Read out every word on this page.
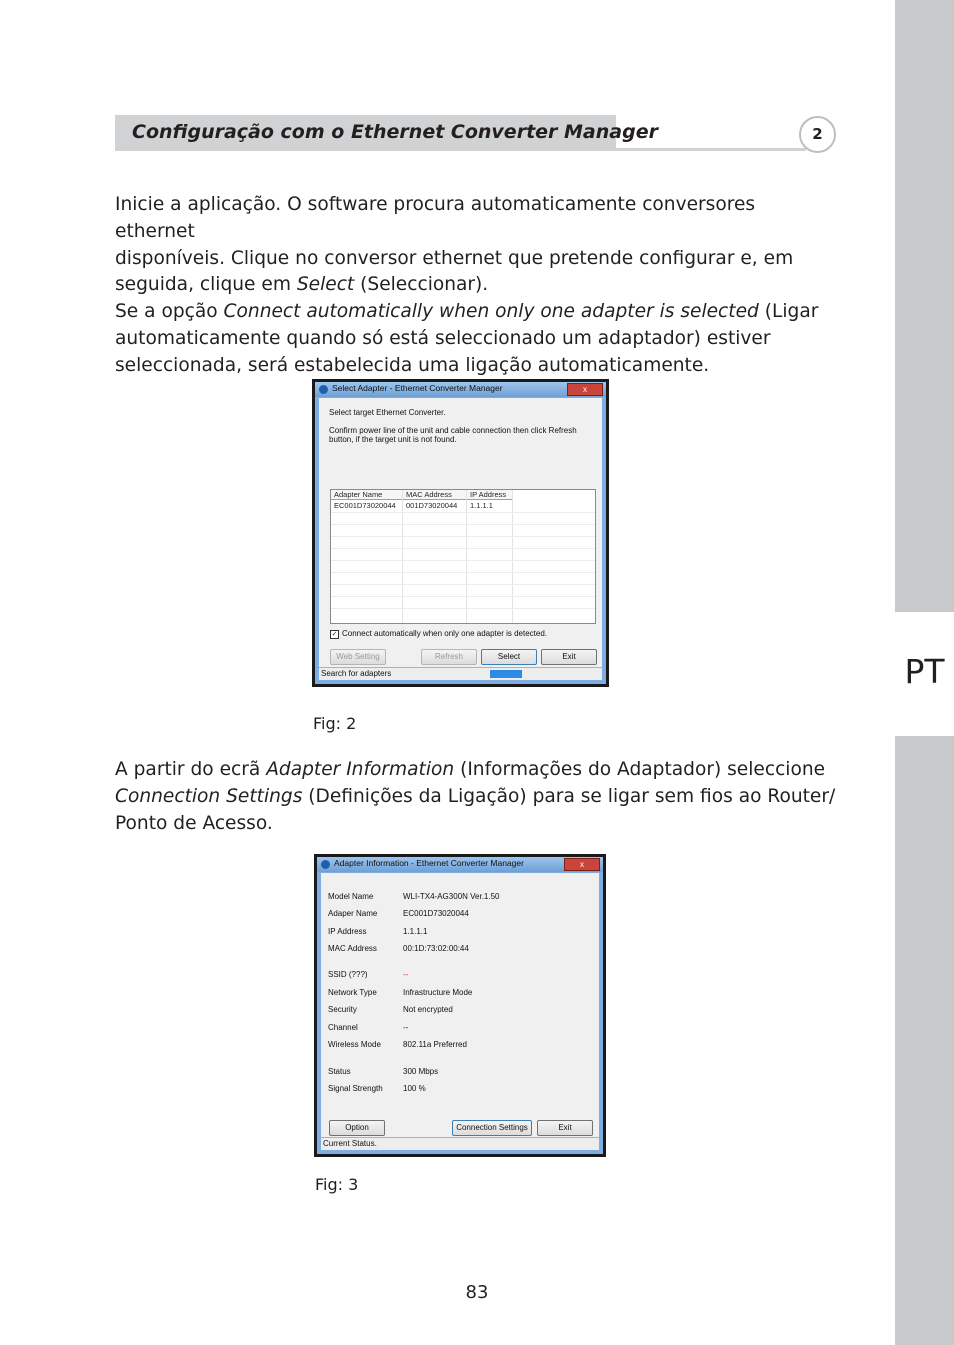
PT
Configuração com o Ethernet Converter Manager	2
Inicie a aplicação. O software procura automaticamente conversores ethernet
disponíveis. Clique no conversor ethernet que pretende configurar e, em
seguida, clique em Select (Seleccionar).
Se a opção Connect automatically when only one adapter is selected (Ligar
automaticamente quando só está seleccionado um adaptador) estiver
seleccionada, será estabelecida uma ligação automaticamente.
Select Adapter - Ethernet Converter Manager	x
Select target Ethernet Converter.
Confirm power line of the unit and cable connection then click Refresh
button, if the target unit is not found.
Adapter Name	MAC Address	IP Address
EC001D73020044	001D73020044	1.1.1.1
✓ Connect automatically when only one adapter is detected.
Web Setting	Refresh	Select	Exit
Search for adapters
Fig: 2
A partir do ecrã Adapter Information (Informações do Adaptador) seleccione
Connection Settings (Definições da Ligação) para se ligar sem fios ao Router/
Ponto de Acesso.
Adapter Information - Ethernet Converter Manager	x
Model Name	WLI-TX4-AG300N Ver.1.50
Adaper Name	EC001D73020044
IP Address	1.1.1.1
MAC Address	00:1D:73:02:00:44
SSID (???)	--
Network Type	Infrastructure Mode
Security	Not encrypted
Channel	--
Wireless Mode	802.11a Preferred
Status	300 Mbps
Signal Strength	100 %
Option	Connection Settings	Exit
Current Status.
Fig: 3
83
